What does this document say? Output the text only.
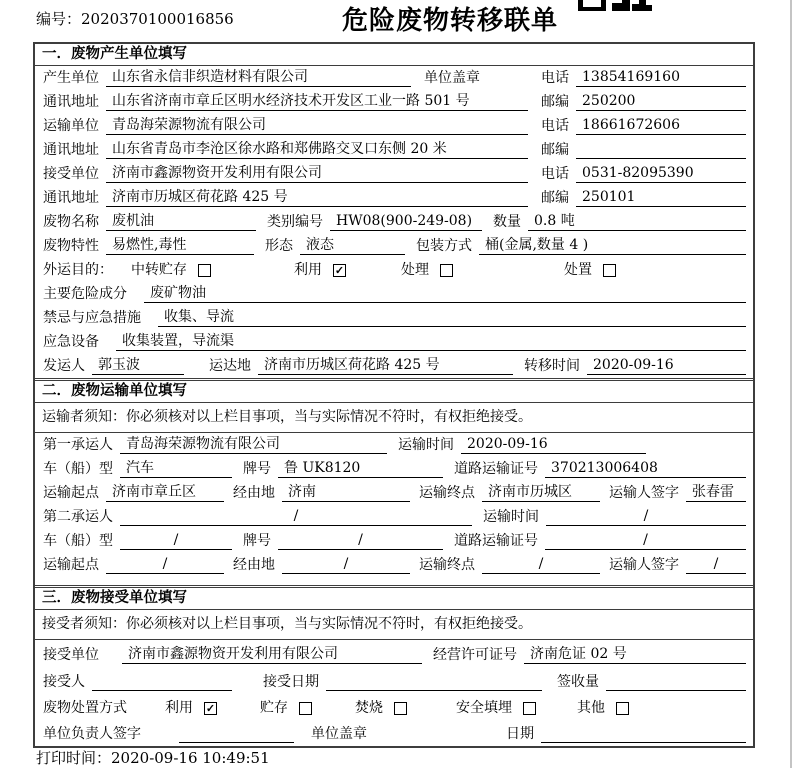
编号：2020370100016856	危险废物转移联单
一．废物产生单位填写
产生单位 山东省永信非织造材料有限公司	单位盖章	电话 13854169160
通讯地址 山东省济南市章丘区明水经济技术开发区工业一路 501 号	邮编 250200
运输单位 青岛海荣源物流有限公司	电话 18661672606
通讯地址 山东省青岛市李沧区徐水路和郑佛路交叉口东侧 20 米	邮编
接受单位 济南市鑫源物资开发利用有限公司	电话 0531-82095390
通讯地址 济南市历城区荷花路 425 号	邮编 250101
废物名称 废机油	类别编号 HW08(900-249-08)	数量 0.8 吨
废物特性 易燃性,毒性	形态 液态	包装方式 桶(金属,数量 4 )
外运目的： 中转贮存	利用 ✓	处理	处置
主要危险成分	废矿物油
禁忌与应急措施	收集、导流
应急设备	收集装置，导流渠
发运人 郭玉波	运达地 济南市历城区荷花路 425 号	转移时间 2020-09-16
二．废物运输单位填写
运输者须知：你必须核对以上栏目事项，当与实际情况不符时，有权拒绝接受。
第一承运人 青岛海荣源物流有限公司	运输时间 2020-09-16
车（船）型 汽车	牌号 鲁 UK8120	道路运输证号 370213006408
运输起点 济南市章丘区	经由地 济南	运输终点 济南市历城区	运输人签字 张春雷
第二承运人	/	运输时间	/
车（船）型	/	牌号	/	道路运输证号	/
运输起点	/	经由地	/	运输终点	/	运输人签字	/
三．废物接受单位填写
接受者须知：你必须核对以上栏目事项，当与实际情况不符时，有权拒绝接受。
接受单位	济南市鑫源物资开发利用有限公司	经营许可证号 济南危证 02 号
接受人	接受日期	签收量
废物处置方式	利用 ✓	贮存	焚烧	安全填埋	其他
单位负责人签字	单位盖章	日期
打印时间：2020-09-16 10:49:51
